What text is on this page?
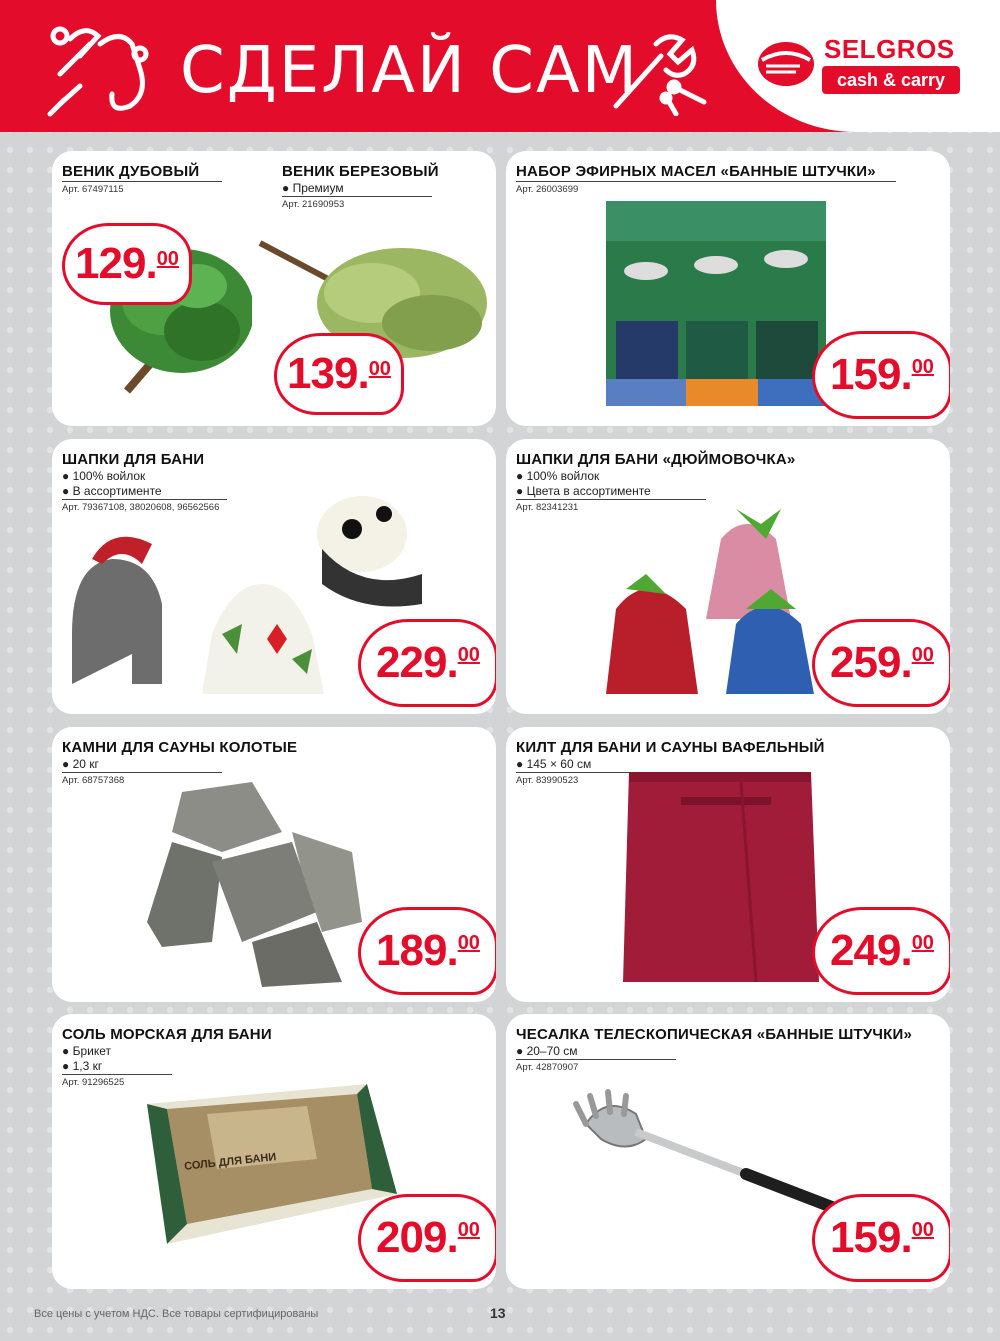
СДЕЛАЙ САМ	SELGROS
cash & carry
ВЕНИК ДУБОВЫЙ
Арт. 67497115
ВЕНИК БЕРЕЗОВЫЙ
● Премиум
Арт. 21690953
129. 00
139. 00
НАБОР ЭФИРНЫХ МАСЕЛ «БАННЫЕ ШТУЧКИ»
Арт. 26003699
159. 00
ШАПКИ ДЛЯ БАНИ
● 100% войлок
● В ассортименте
Арт. 79367108, 38020608, 96562566
229. 00
ШАПКИ ДЛЯ БАНИ «ДЮЙМОВОЧКА»
● 100% войлок
● Цвета в ассортименте
Арт. 82341231
259. 00
КАМНИ ДЛЯ САУНЫ КОЛОТЫЕ
● 20 кг
Арт. 68757368
189. 00
КИЛТ ДЛЯ БАНИ И САУНЫ ВАФЕЛЬНЫЙ
● 145 × 60 см
Арт. 83990523
249. 00
СОЛЬ МОРСКАЯ ДЛЯ БАНИ
● Брикет
● 1,3 кг
Арт. 91296525
СОЛЬ ДЛЯ БАНИ
209. 00
ЧЕСАЛКА ТЕЛЕСКОПИЧЕСКАЯ «БАННЫЕ ШТУЧКИ»
● 20–70 см
Арт. 42870907
159. 00
Все цены с учетом НДС. Все товары сертифицированы	13
